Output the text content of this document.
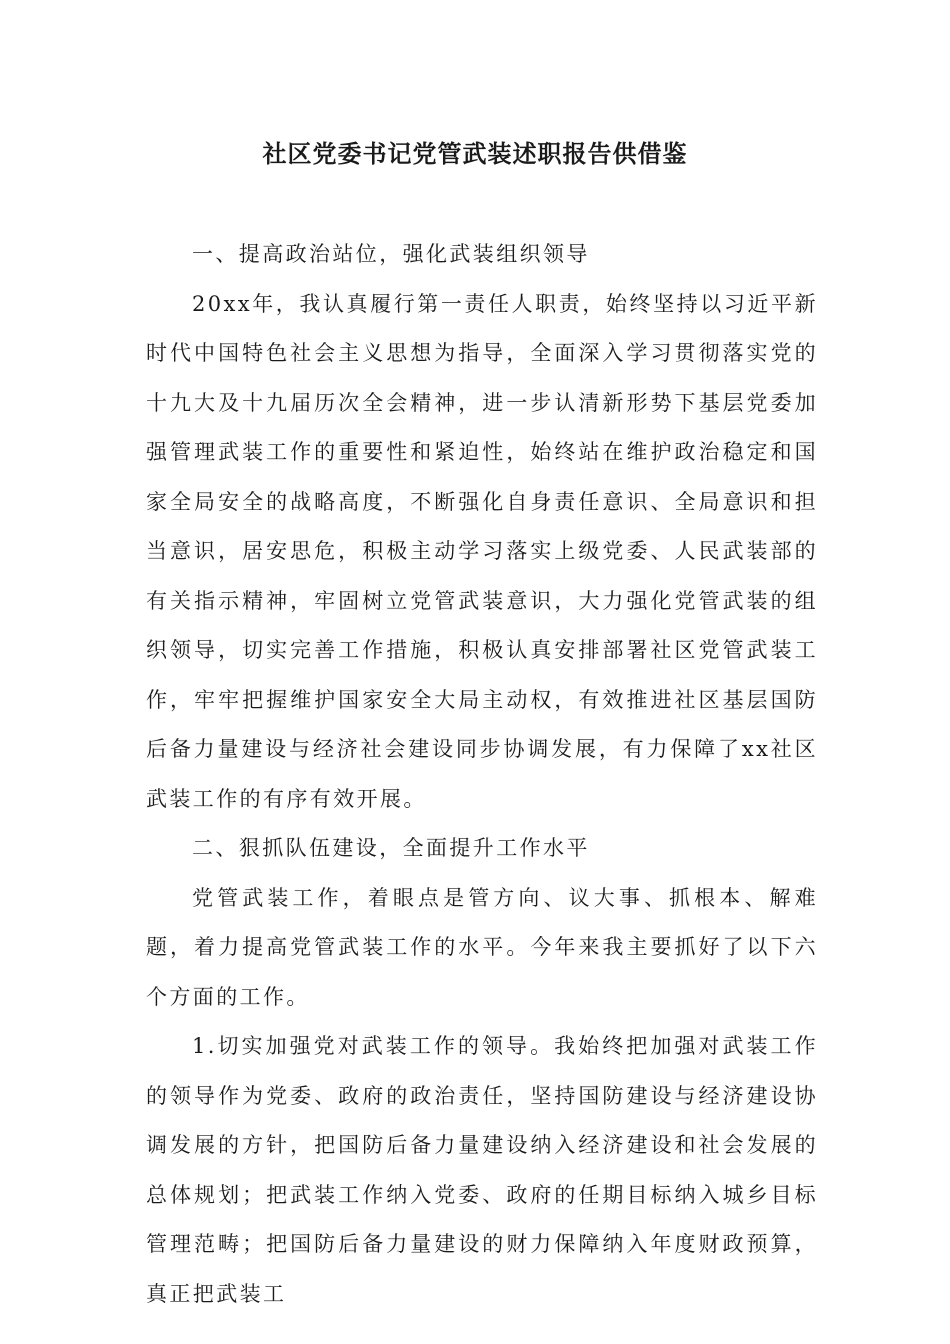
社区党委书记党管武装述职报告供借鉴

一、提高政治站位，强化武装组织领导

20xx年，我认真履行第一责任人职责，始终坚持以习近平新时代中国特色社会主义思想为指导，全面深入学习贯彻落实党的十九大及十九届历次全会精神，进一步认清新形势下基层党委加强管理武装工作的重要性和紧迫性，始终站在维护政治稳定和国家全局安全的战略高度，不断强化自身责任意识、全局意识和担当意识，居安思危，积极主动学习落实上级党委、人民武装部的有关指示精神，牢固树立党管武装意识，大力强化党管武装的组织领导，切实完善工作措施，积极认真安排部署社区党管武装工作，牢牢把握维护国家安全大局主动权，有效推进社区基层国防后备力量建设与经济社会建设同步协调发展，有力保障了xx社区武装工作的有序有效开展。

二、狠抓队伍建设，全面提升工作水平

党管武装工作，着眼点是管方向、议大事、抓根本、解难题，着力提高党管武装工作的水平。今年来我主要抓好了以下六个方面的工作。

1.切实加强党对武装工作的领导。我始终把加强对武装工作的领导作为党委、政府的政治责任，坚持国防建设与经济建设协调发展的方针，把国防后备力量建设纳入经济建设和社会发展的总体规划；把武装工作纳入党委、政府的任期目标纳入城乡目标管理范畴；把国防后备力量建设的财力保障纳入年度财政预算，真正把武装工
